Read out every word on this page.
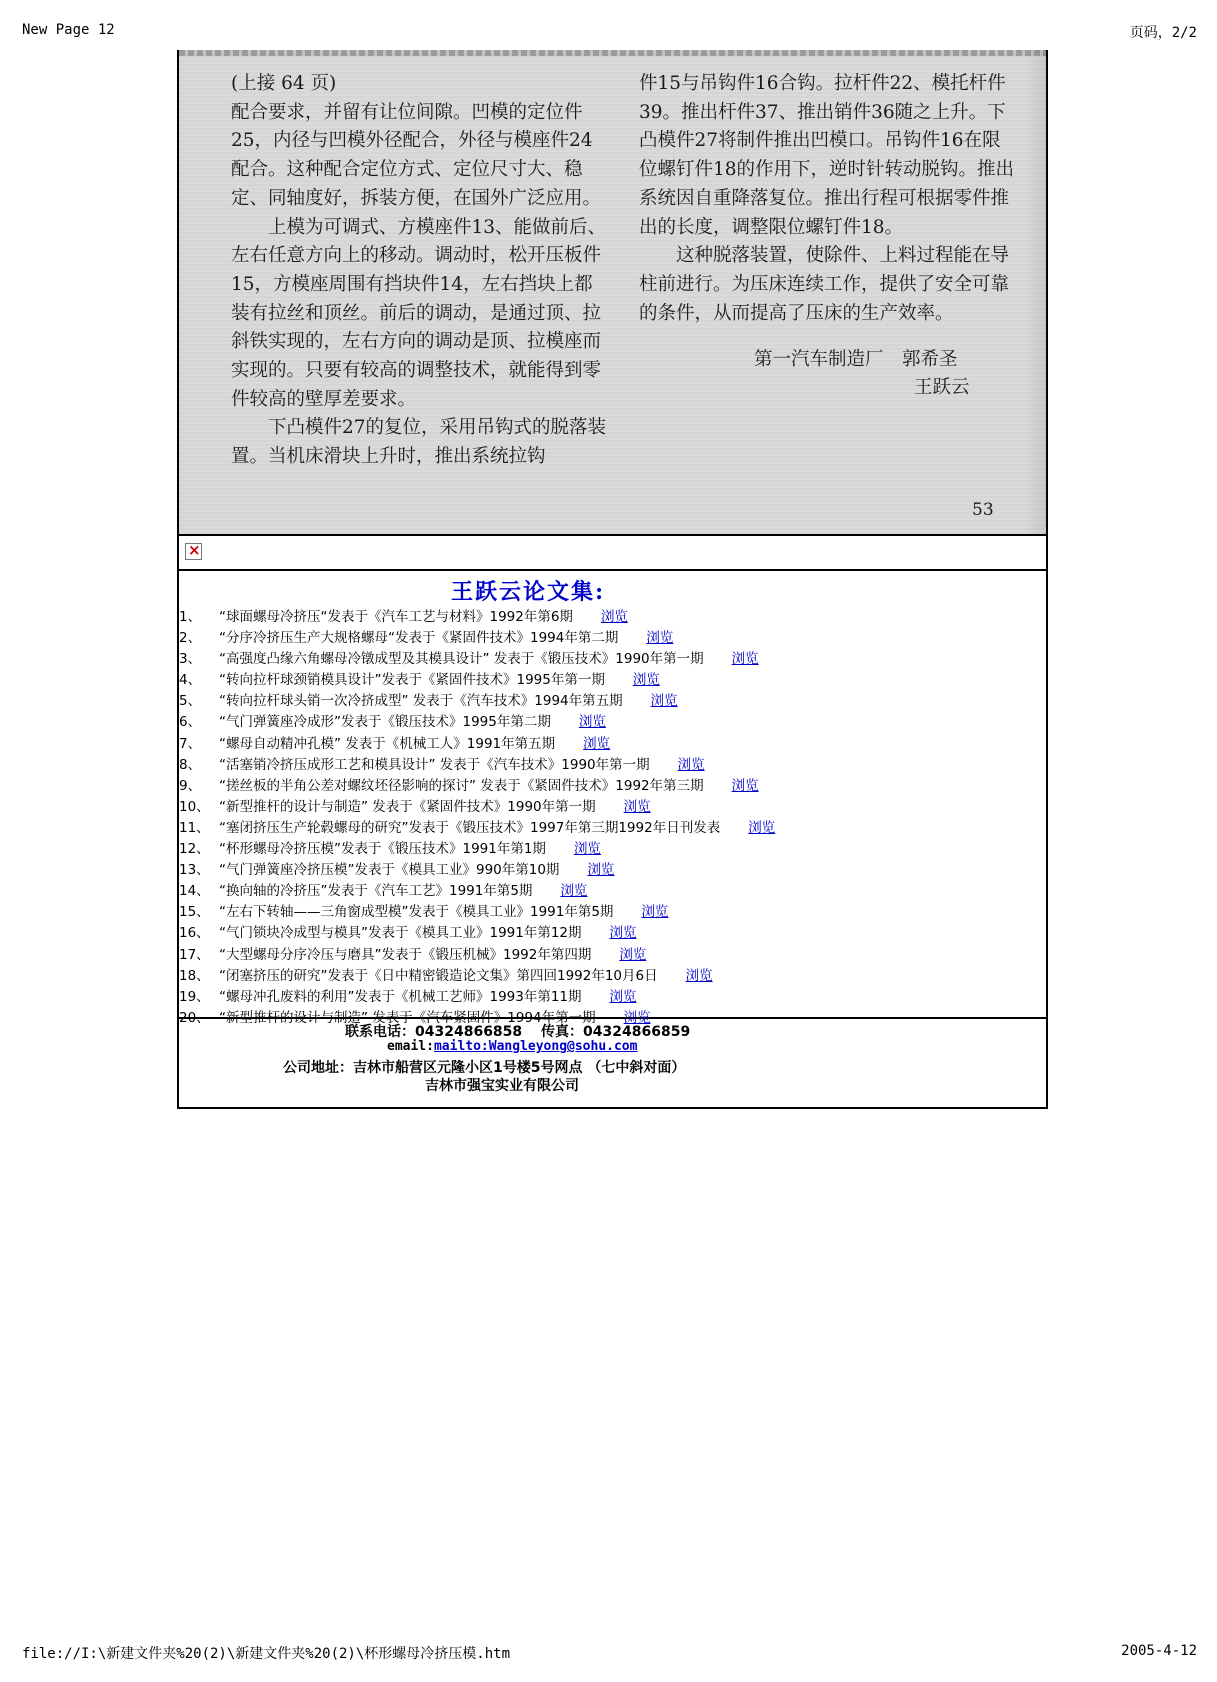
New Page 12	页码，2/2

(上接 64 页)

配合要求，并留有让位间隙。凹模的定位件25，内径与凹模外径配合，外径与模座件24配合。这种配合定位方式、定位尺寸大、稳定、同轴度好，拆装方便，在国外广泛应用。

上模为可调式、方模座件13、能做前后、左右任意方向上的移动。调动时，松开压板件15，方模座周围有挡块件14，左右挡块上都装有拉丝和顶丝。前后的调动，是通过顶、拉斜铁实现的，左右方向的调动是顶、拉模座而实现的。只要有较高的调整技术，就能得到零件较高的壁厚差要求。

下凸模件27的复位，采用吊钩式的脱落装置。当机床滑块上升时，推出系统拉钩

件15与吊钩件16合钩。拉杆件22、模托杆件39。推出杆件37、推出销件36随之上升。下凸模件27将制件推出凹模口。吊钩件16在限位螺钉件18的作用下，逆时针转动脱钩。推出系统因自重降落复位。推出行程可根据零件推出的长度，调整限位螺钉件18。

这种脱落装置，使除件、上料过程能在导柱前进行。为压床连续工作，提供了安全可靠的条件，从而提高了压床的生产效率。

第一汽车制造厂　郭希圣
王跃云
53
×
王跃云论文集:
1、 “球面螺母冷挤压“发表于《汽车工艺与材料》1992年第6期 浏览
2、 “分序冷挤压生产大规格螺母“发表于《紧固件技术》1994年第二期 浏览
3、 “高强度凸缘六角螺母冷镦成型及其模具设计” 发表于《锻压技术》1990年第一期 浏览
4、 “转向拉杆球颈销模具设计”发表于《紧固件技术》1995年第一期 浏览
5、 “转向拉杆球头销一次冷挤成型” 发表于《汽车技术》1994年第五期 浏览
6、 “气门弹簧座冷成形”发表于《锻压技术》1995年第二期 浏览
7、 “螺母自动精冲孔模” 发表于《机械工人》1991年第五期 浏览
8、 “活塞销冷挤压成形工艺和模具设计” 发表于《汽车技术》1990年第一期 浏览
9、 “搓丝板的半角公差对螺纹坯径影响的探讨” 发表于《紧固件技术》1992年第三期 浏览
10、 “新型推杆的设计与制造” 发表于《紧固件技术》1990年第一期 浏览
11、 “塞闭挤压生产轮毂螺母的研究”发表于《锻压技术》1997年第三期1992年日刊发表 浏览
12、 “杯形螺母冷挤压模”发表于《锻压技术》1991年第1期 浏览
13、 “气门弹簧座冷挤压模”发表于《模具工业》990年第10期 浏览
14、 “换向轴的冷挤压”发表于《汽车工艺》1991年第5期 浏览
15、 “左右下转轴——三角窗成型模”发表于《模具工业》1991年第5期 浏览
16、 “气门锁块冷成型与模具”发表于《模具工业》1991年第12期 浏览
17、 “大型螺母分序冷压与磨具”发表于《锻压机械》1992年第四期 浏览
18、 “闭塞挤压的研究”发表于《日中精密锻造论文集》第四回1992年10月6日 浏览
19、 “螺母冲孔废料的利用”发表于《机械工艺师》1993年第11期 浏览
20、 “新型推杆的设计与制造” 发表于《汽车紧固件》1994年第一期 浏览
联系电话：04324866858　 传真：04324866859
email:mailto:Wangleyong@sohu.com
公司地址：吉林市船营区元隆小区1号楼5号网点 （七中斜对面）
吉林市强宝实业有限公司
file://I:\新建文件夹%20(2)\新建文件夹%20(2)\杯形螺母冷挤压模.htm	2005-4-12
